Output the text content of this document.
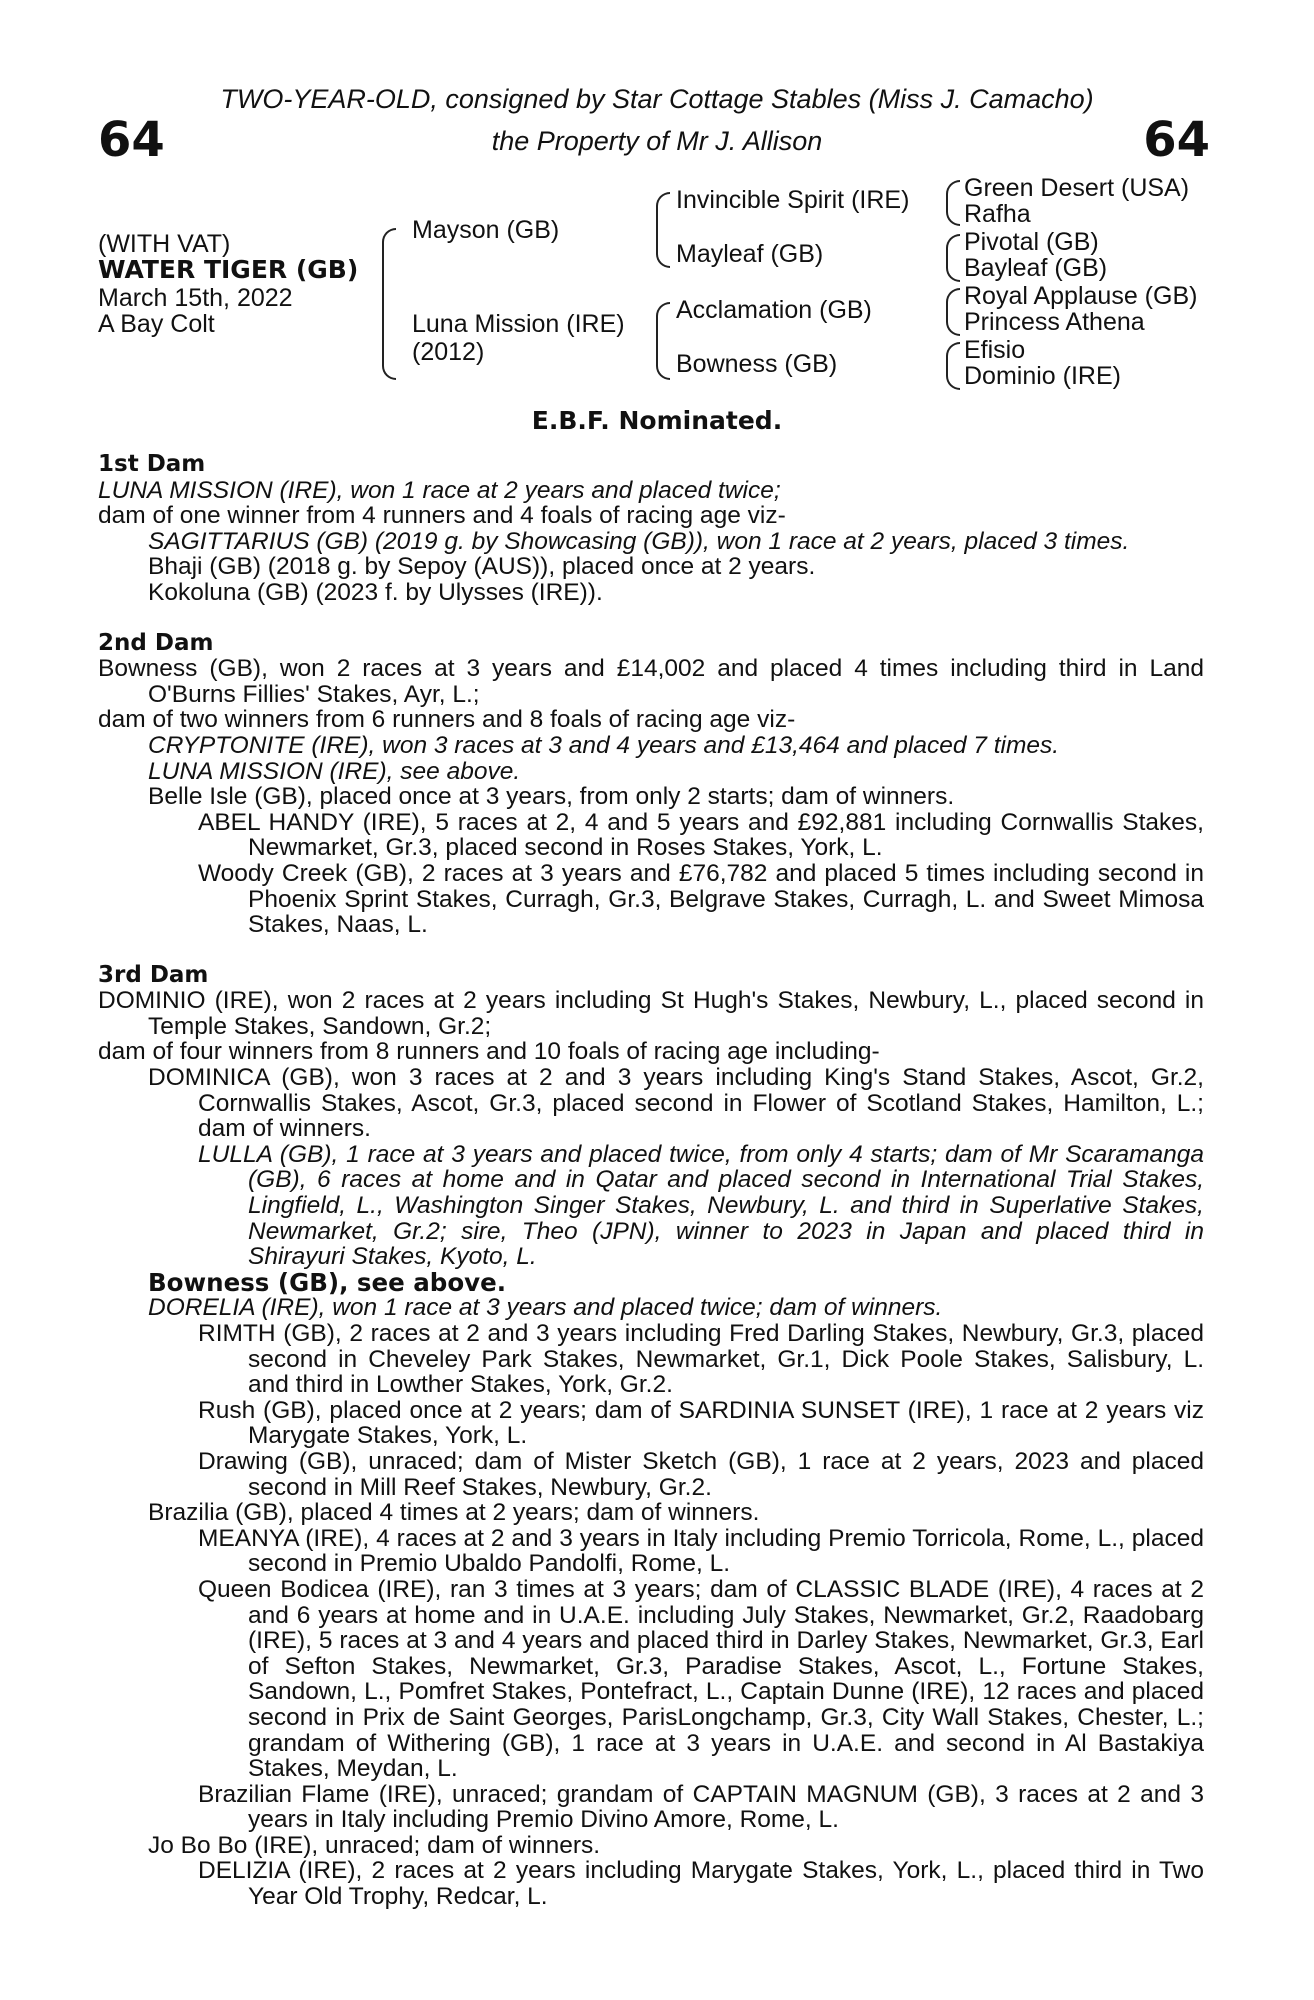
64	64
TWO-YEAR-OLD, consigned by Star Cottage Stables (Miss J. Camacho)
the Property of Mr J. Allison
(WITH VAT)
WATER TIGER (GB)
March 15th, 2022
A Bay Colt
Mayson (GB)
Luna Mission (IRE)
(2012)
Invincible Spirit (IRE)
Mayleaf (GB)
Acclamation (GB)
Bowness (GB)
Green Desert (USA)
Rafha
Pivotal (GB)
Bayleaf (GB)
Royal Applause (GB)
Princess Athena
Efisio
Dominio (IRE)
E.B.F. Nominated.
1st Dam
LUNA MISSION (IRE), won 1 race at 2 years and placed twice;
dam of one winner from 4 runners and 4 foals of racing age viz-
SAGITTARIUS (GB) (2019 g. by Showcasing (GB)), won 1 race at 2 years, placed 3 times.
Bhaji (GB) (2018 g. by Sepoy (AUS)), placed once at 2 years.
Kokoluna (GB) (2023 f. by Ulysses (IRE)).
2nd Dam
Bowness (GB), won 2 races at 3 years and £14,002 and placed 4 times including third in Land O'Burns Fillies' Stakes, Ayr, L.;
dam of two winners from 6 runners and 8 foals of racing age viz-
CRYPTONITE (IRE), won 3 races at 3 and 4 years and £13,464 and placed 7 times.
LUNA MISSION (IRE), see above.
Belle Isle (GB), placed once at 3 years, from only 2 starts; dam of winners.
ABEL HANDY (IRE), 5 races at 2, 4 and 5 years and £92,881 including Cornwallis Stakes, Newmarket, Gr.3, placed second in Roses Stakes, York, L.
Woody Creek (GB), 2 races at 3 years and £76,782 and placed 5 times including second in Phoenix Sprint Stakes, Curragh, Gr.3, Belgrave Stakes, Curragh, L. and Sweet Mimosa Stakes, Naas, L.
3rd Dam
DOMINIO (IRE), won 2 races at 2 years including St Hugh's Stakes, Newbury, L., placed second in Temple Stakes, Sandown, Gr.2;
dam of four winners from 8 runners and 10 foals of racing age including-
DOMINICA (GB), won 3 races at 2 and 3 years including King's Stand Stakes, Ascot, Gr.2, Cornwallis Stakes, Ascot, Gr.3, placed second in Flower of Scotland Stakes, Hamilton, L.; dam of winners.
LULLA (GB), 1 race at 3 years and placed twice, from only 4 starts; dam of Mr Scaramanga (GB), 6 races at home and in Qatar and placed second in International Trial Stakes, Lingfield, L., Washington Singer Stakes, Newbury, L. and third in Superlative Stakes, Newmarket, Gr.2; sire, Theo (JPN), winner to 2023 in Japan and placed third in Shirayuri Stakes, Kyoto, L.
Bowness (GB), see above.
DORELIA (IRE), won 1 race at 3 years and placed twice; dam of winners.
RIMTH (GB), 2 races at 2 and 3 years including Fred Darling Stakes, Newbury, Gr.3, placed second in Cheveley Park Stakes, Newmarket, Gr.1, Dick Poole Stakes, Salisbury, L. and third in Lowther Stakes, York, Gr.2.
Rush (GB), placed once at 2 years; dam of SARDINIA SUNSET (IRE), 1 race at 2 years viz Marygate Stakes, York, L.
Drawing (GB), unraced; dam of Mister Sketch (GB), 1 race at 2 years, 2023 and placed second in Mill Reef Stakes, Newbury, Gr.2.
Brazilia (GB), placed 4 times at 2 years; dam of winners.
MEANYA (IRE), 4 races at 2 and 3 years in Italy including Premio Torricola, Rome, L., placed second in Premio Ubaldo Pandolfi, Rome, L.
Queen Bodicea (IRE), ran 3 times at 3 years; dam of CLASSIC BLADE (IRE), 4 races at 2 and 6 years at home and in U.A.E. including July Stakes, Newmarket, Gr.2, Raadobarg (IRE), 5 races at 3 and 4 years and placed third in Darley Stakes, Newmarket, Gr.3, Earl of Sefton Stakes, Newmarket, Gr.3, Paradise Stakes, Ascot, L., Fortune Stakes, Sandown, L., Pomfret Stakes, Pontefract, L., Captain Dunne (IRE), 12 races and placed second in Prix de Saint Georges, ParisLongchamp, Gr.3, City Wall Stakes, Chester, L.; grandam of Withering (GB), 1 race at 3 years in U.A.E. and second in Al Bastakiya Stakes, Meydan, L.
Brazilian Flame (IRE), unraced; grandam of CAPTAIN MAGNUM (GB), 3 races at 2 and 3 years in Italy including Premio Divino Amore, Rome, L.
Jo Bo Bo (IRE), unraced; dam of winners.
DELIZIA (IRE), 2 races at 2 years including Marygate Stakes, York, L., placed third in Two Year Old Trophy, Redcar, L.
